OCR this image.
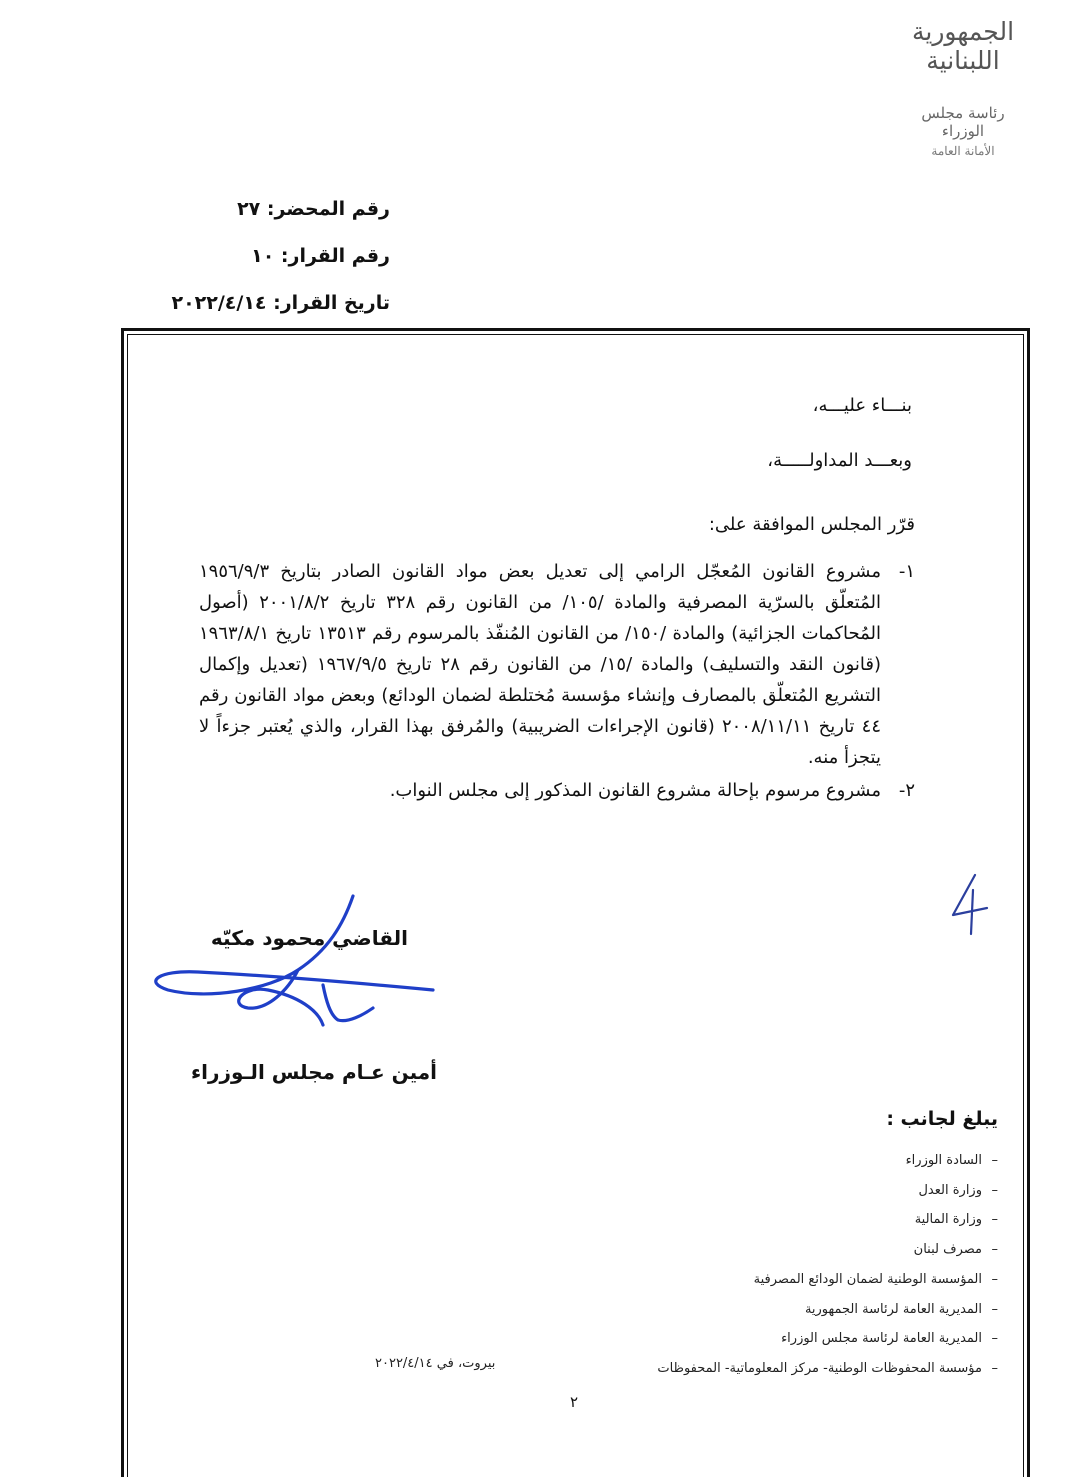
الجمهورية
اللبنانية
رئاسة مجلس الوزراء
الأمانة العامة
رقم المحضر: ٢٧
رقم القرار: ١٠
تاريخ القرار: ٢٠٢٢/٤/١٤
بنـــاء عليـــه،
وبعـــد المداولـــــة،
قرّر المجلس الموافقة على:
١-
مشروع القانون المُعجّل الرامي إلى تعديل بعض مواد القانون الصادر بتاريخ ١٩٥٦/٩/٣ المُتعلّق بالسرّية المصرفية والمادة /١٠٥/ من القانون رقم ٣٢٨ تاريخ ٢٠٠١/٨/٢ (أصول المُحاكمات الجزائية) والمادة /١٥٠/ من القانون المُنفّذ بالمرسوم رقم ١٣٥١٣ تاريخ ١٩٦٣/٨/١ (قانون النقد والتسليف) والمادة /١٥/ من القانون رقم ٢٨ تاريخ ١٩٦٧/٩/٥ (تعديل وإكمال التشريع المُتعلّق بالمصارف وإنشاء مؤسسة مُختلطة لضمان الودائع) وبعض مواد القانون رقم ٤٤ تاريخ ٢٠٠٨/١١/١١ (قانون الإجراءات الضريبية) والمُرفق بهذا القرار، والذي يُعتبر جزءاً لا يتجزأ منه.
٢-
مشروع مرسوم بإحالة مشروع القانون المذكور إلى مجلس النواب.
القاضي محمود مكيّه
أمين عـام مجلس الـوزراء
يبلغ لجانب :
–السادة الوزراء
–وزارة العدل
–وزارة المالية
–مصرف لبنان
–المؤسسة الوطنية لضمان الودائع المصرفية
–المديرية العامة لرئاسة الجمهورية
–المديرية العامة لرئاسة مجلس الوزراء
–مؤسسة المحفوظات الوطنية- مركز المعلوماتية- المحفوظات
بيروت، في ٢٠٢٢/٤/١٤
٢
